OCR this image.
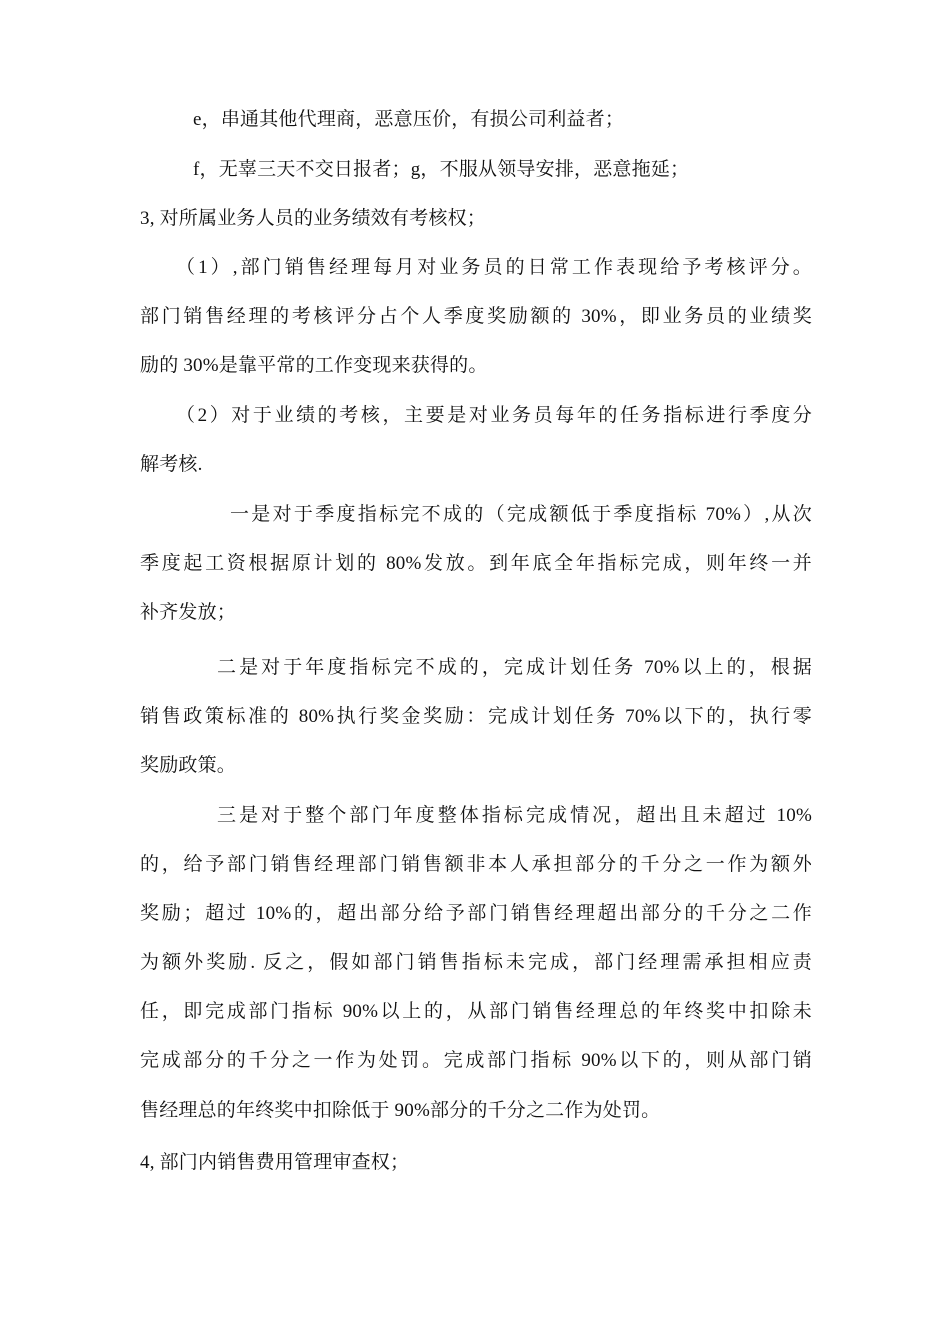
e，串通其他代理商，恶意压价，有损公司利益者；
f，无辜三天不交日报者；g，不服从领导安排，恶意拖延；
3, 对所属业务人员的业务绩效有考核权；
（1）,部门销售经理每月对业务员的日常工作表现给予考核评分。
部门销售经理的考核评分占个人季度奖励额的 30%，即业务员的业绩奖
励的 30%是靠平常的工作变现来获得的。
（2）对于业绩的考核，主要是对业务员每年的任务指标进行季度分
解考核.
一是对于季度指标完不成的（完成额低于季度指标 70%）,从次
季度起工资根据原计划的 80%发放。到年底全年指标完成，则年终一并
补齐发放；
二是对于年度指标完不成的，完成计划任务 70%以上的，根据
销售政策标准的 80%执行奖金奖励：完成计划任务 70%以下的，执行零
奖励政策。
三是对于整个部门年度整体指标完成情况，超出且未超过 10%
的，给予部门销售经理部门销售额非本人承担部分的千分之一作为额外
奖励；超过 10%的，超出部分给予部门销售经理超出部分的千分之二作
为额外奖励. 反之，假如部门销售指标未完成，部门经理需承担相应责
任，即完成部门指标 90%以上的，从部门销售经理总的年终奖中扣除未
完成部分的千分之一作为处罚。完成部门指标 90%以下的，则从部门销
售经理总的年终奖中扣除低于 90%部分的千分之二作为处罚。
4, 部门内销售费用管理审查权；
